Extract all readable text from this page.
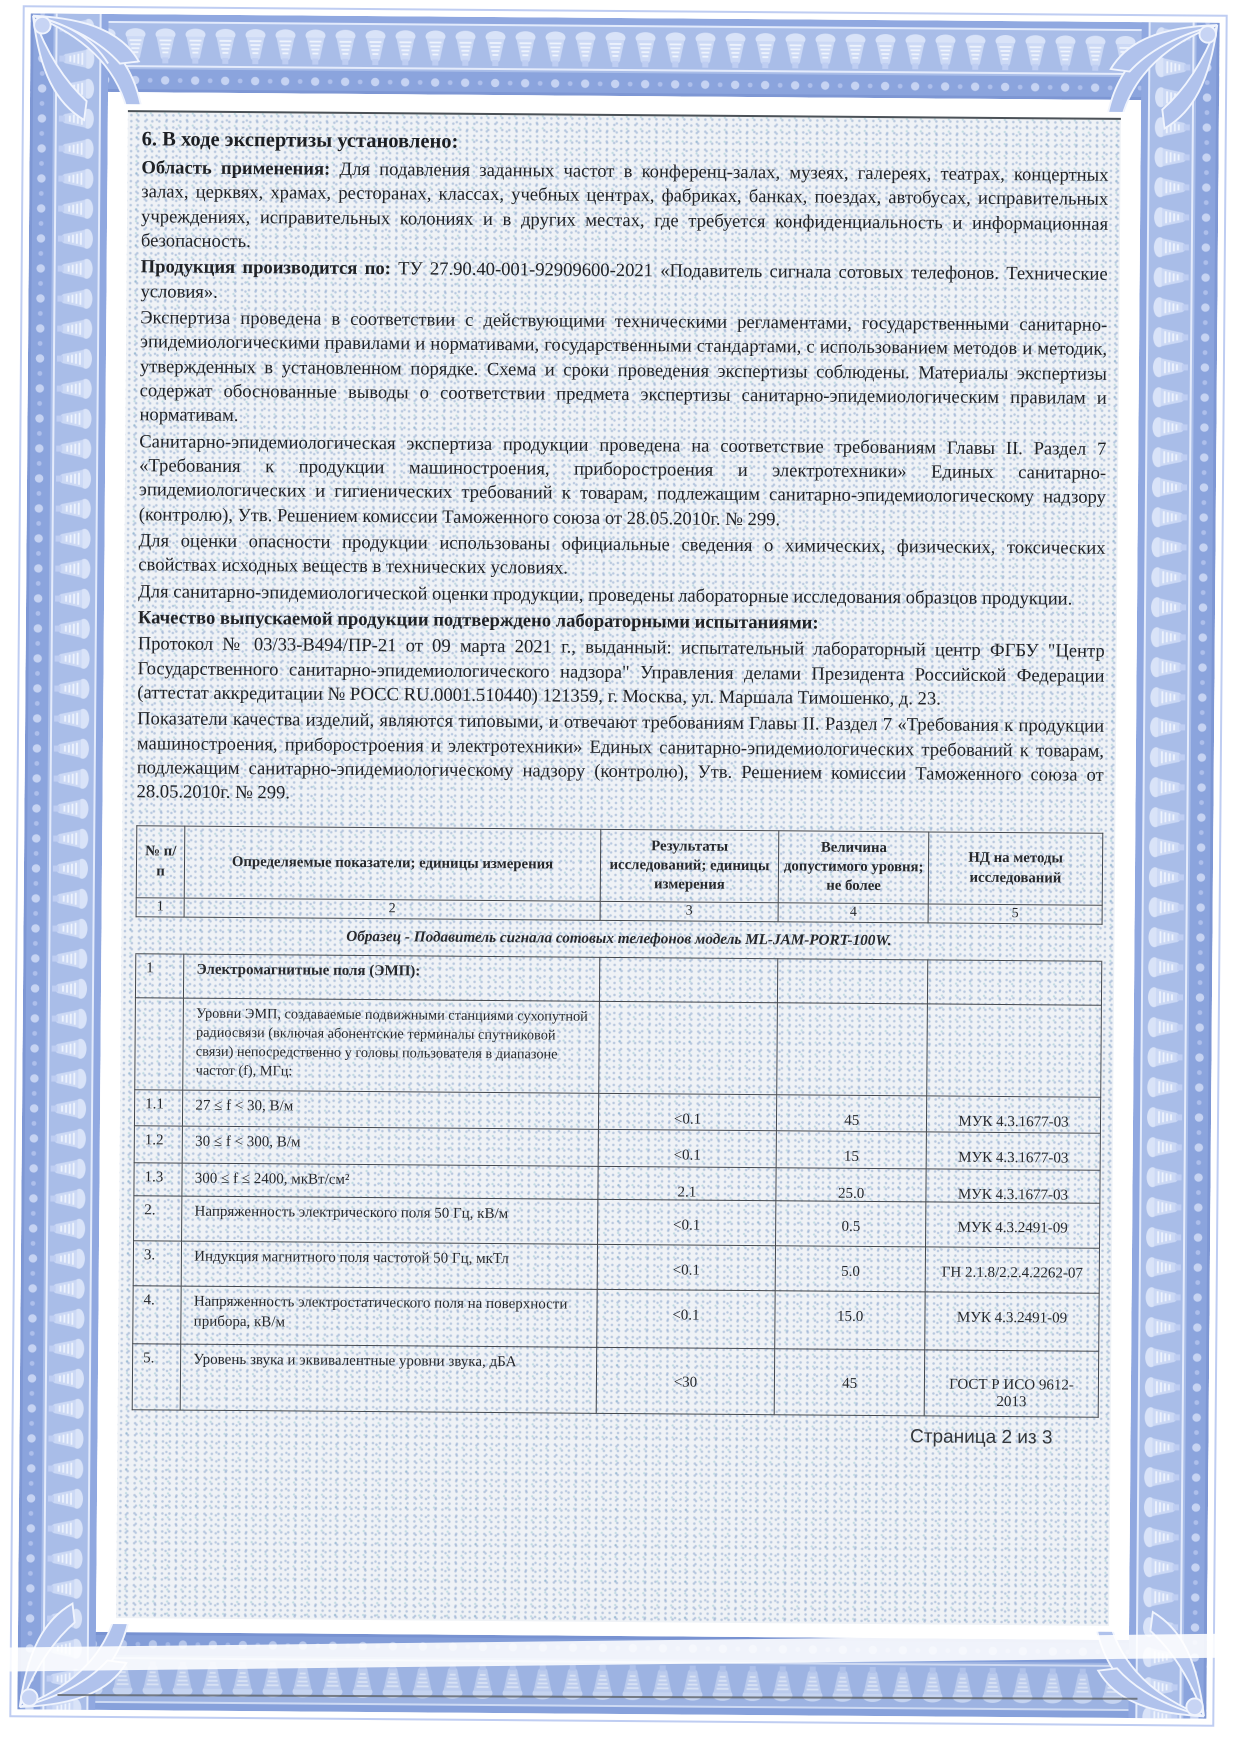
6. В ходе экспертизы установлено:

Область применения: Для подавления заданных частот в конференц-залах, музеях, галереях, театрах, концертных залах, церквях, храмах, ресторанах, классах, учебных центрах, фабриках, банках, поездах, автобусах, исправительных учреждениях, исправительных колониях и в других местах, где требуется конфиденциальность и информационная безопасность.

Продукция производится по: ТУ 27.90.40-001-92909600-2021 «Подавитель сигнала сотовых телефонов. Технические условия».

Экспертиза проведена в соответствии с действующими техническими регламентами, государственными санитарно-эпидемиологическими правилами и нормативами, государственными стандартами, с использованием методов и методик, утвержденных в установленном порядке. Схема и сроки проведения экспертизы соблюдены. Материалы экспертизы содержат обоснованные выводы о соответствии предмета экспертизы санитарно-эпидемиологическим правилам и нормативам.

Санитарно-эпидемиологическая экспертиза продукции проведена на соответствие требованиям Главы II. Раздел 7 «Требования к продукции машиностроения, приборостроения и электротехники» Единых санитарно-эпидемиологических и гигиенических требований к товарам, подлежащим санитарно-эпидемиологическому надзору (контролю), Утв. Решением комиссии Таможенного союза от 28.05.2010г. № 299.

Для оценки опасности продукции использованы официальные сведения о химических, физических, токсических свойствах исходных веществ в технических условиях.

Для санитарно-эпидемиологической оценки продукции, проведены лабораторные исследования образцов продукции.

Качество выпускаемой продукции подтверждено лабораторными испытаниями:

Протокол № 03/33-В494/ПР-21 от 09 марта 2021 г., выданный: испытательный лабораторный центр ФГБУ "Центр Государственного санитарно-эпидемиологического надзора" Управления делами Президента Российской Федерации (аттестат аккредитации № РОСС RU.0001.510440) 121359, г. Москва, ул. Маршала Тимошенко, д. 23.

Показатели качества изделий, являются типовыми, и отвечают требованиям Главы II. Раздел 7 «Требования к продукции машиностроения, приборостроения и электротехники» Единых санитарно-эпидемиологических требований к товарам, подлежащим санитарно-эпидемиологическому надзору (контролю), Утв. Решением комиссии Таможенного союза от 28.05.2010г. № 299.

№ п/п	Определяемые показатели; единицы измерения	Результаты исследований; единицы измерения	Величина допустимого уровня; не более	НД на методы исследований
1	2	3	4	5
Образец - Подавитель сигнала сотовых телефонов модель ML-JAM-PORT-100W.				
1	Электромагнитные поля (ЭМП):	

	Уровни ЭМП, создаваемые подвижными станциями сухопутной радиосвязи (включая абонентские терминалы спутниковой связи) непосредственно у головы пользователя в диапазоне частот (f), МГц:	

1.1	27 ≤ f < 30, В/м	<0.1	45	МУК 4.3.1677-03

1.2	30 ≤ f < 300, В/м	<0.1	15	МУК 4.3.1677-03

1.3	300 ≤ f ≤ 2400, мкВт/см²	2.1	25.0	МУК 4.3.1677-03

2.	Напряженность электрического поля 50 Гц, кВ/м	<0.1	0.5	МУК 4.3.2491-09

3.	Индукция магнитного поля частотой 50 Гц, мкТл	<0.1	5.0	ГН 2.1.8/2.2.4.2262-07

4.	Напряженность электростатического поля на поверхности прибора, кВ/м	<0.1	15.0	МУК 4.3.2491-09

5.	Уровень звука и эквивалентные уровни звука, дБА	<30	45	ГОСТ Р ИСО 9612-2013
Страница 2 из 3
